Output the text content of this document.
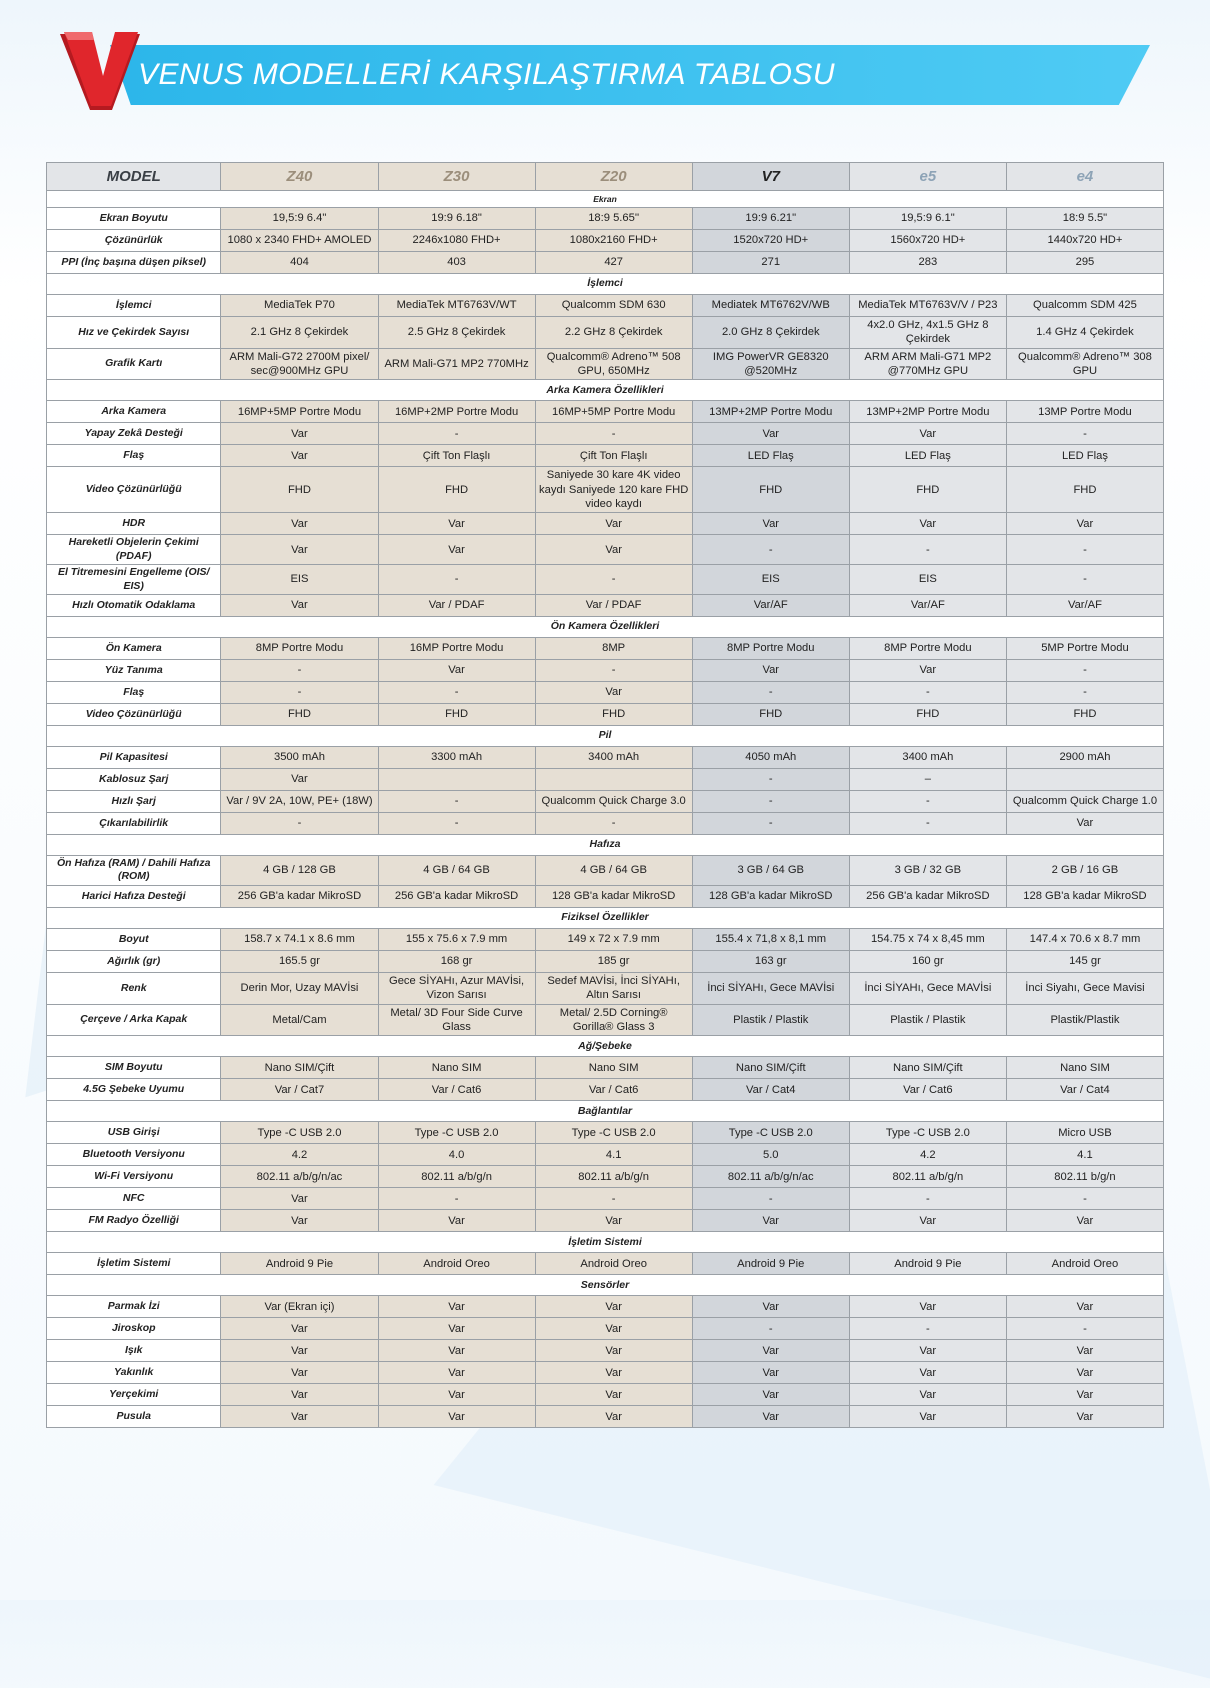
VENUS MODELLERİ KARŞILAŞTIRMA TABLOSU
MODEL	Z40	Z30	Z20	V7	e5	e4
Ekran						
Ekran Boyutu	19,5:9 6.4"	19:9 6.18"	18:9 5.65''	19:9 6.21"	19,5:9 6.1"	18:9 5.5"
Çözünürlük	1080 x 2340 FHD+ AMOLED	2246x1080 FHD+	1080x2160 FHD+	1520x720 HD+	1560x720 HD+	1440x720 HD+
PPI (İnç başına düşen piksel)	404	403	427	271	283	295
İşlemci						
İşlemci	MediaTek P70	MediaTek MT6763V/WT	Qualcomm SDM 630	Mediatek MT6762V/WB	MediaTek MT6763V/V / P23	Qualcomm SDM 425
Hız ve Çekirdek Sayısı	2.1 GHz 8 Çekirdek	2.5 GHz 8 Çekirdek	2.2 GHz 8 Çekirdek	2.0 GHz 8 Çekirdek	4x2.0 GHz, 4x1.5 GHz 8 Çekirdek	1.4 GHz 4 Çekirdek
Grafik Kartı	ARM Mali-G72 2700M pixel/ sec@900MHz GPU	ARM Mali-G71 MP2 770MHz	Qualcomm® Adreno™ 508 GPU, 650MHz	IMG PowerVR GE8320 @520MHz	ARM ARM Mali-G71 MP2 @770MHz GPU	Qualcomm® Adreno™ 308 GPU
Arka Kamera Özellikleri						
Arka Kamera	16MP+5MP Portre Modu	16MP+2MP Portre Modu	16MP+5MP Portre Modu	13MP+2MP Portre Modu	13MP+2MP Portre Modu	13MP Portre Modu
Yapay Zekâ Desteği	Var	-	-	Var	Var	-
Flaş	Var	Çift Ton Flaşlı	Çift Ton Flaşlı	LED Flaş	LED Flaş	LED Flaş
Video Çözünürlüğü	FHD	FHD	Saniyede 30 kare 4K video kaydı Saniyede 120 kare FHD video kaydı	FHD	FHD	FHD
HDR	Var	Var	Var	Var	Var	Var
Hareketli Objelerin Çekimi (PDAF)	Var	Var	Var	-	-	-
El Titremesini Engelleme (OIS/ EIS)	EIS	-	-	EIS	EIS	-
Hızlı Otomatik Odaklama	Var	Var / PDAF	Var / PDAF	Var/AF	Var/AF	Var/AF
Ön Kamera Özellikleri						
Ön Kamera	8MP Portre Modu	16MP Portre Modu	8MP	8MP Portre Modu	8MP Portre Modu	5MP Portre Modu
Yüz Tanıma	-	Var	-	Var	Var	-
Flaş	-	-	Var	-	-	-
Video Çözünürlüğü	FHD	FHD	FHD	FHD	FHD	FHD
Pil						
Pil Kapasitesi	3500 mAh	3300 mAh	3400 mAh	4050 mAh	3400 mAh	2900 mAh
Kablosuz Şarj	Var			-	–	
Hızlı Şarj	Var / 9V 2A, 10W, PE+ (18W)	-	Qualcomm Quick Charge 3.0	-	-	Qualcomm Quick Charge 1.0
Çıkarılabilirlik	-	-	-	-	-	Var
Hafıza						
Ön Hafıza (RAM) / Dahili Hafıza (ROM)	4 GB / 128 GB	4 GB / 64 GB	4 GB / 64 GB	3 GB / 64 GB	3 GB / 32 GB	2 GB / 16 GB
Harici Hafıza Desteği	256 GB'a kadar MikroSD	256 GB'a kadar MikroSD	128 GB'a kadar MikroSD	128 GB'a kadar MikroSD	256 GB'a kadar MikroSD	128 GB'a kadar MikroSD
Fiziksel Özellikler						
Boyut	158.7 x 74.1 x 8.6 mm	155 x 75.6 x 7.9 mm	149 x 72 x 7.9 mm	155.4 x 71,8 x 8,1 mm	154.75 x 74 x 8,45 mm	147.4 x 70.6 x 8.7 mm
Ağırlık (gr)	165.5 gr	168 gr	185 gr	163 gr	160 gr	145 gr
Renk	Derin Mor, Uzay MAVİsi	Gece SİYAHı, Azur MAVİsi, Vizon Sarısı	Sedef MAVİsi, İnci SİYAHı, Altın Sarısı	İnci SİYAHı, Gece MAVİsi	İnci SİYAHı, Gece MAVİsi	İnci Siyahı, Gece Mavisi
Çerçeve / Arka Kapak	Metal/Cam	Metal/ 3D Four Side Curve Glass	Metal/ 2.5D Corning® Gorilla® Glass 3	Plastik / Plastik	Plastik / Plastik	Plastik/Plastik
Ağ/Şebeke						
SIM Boyutu	Nano SIM/Çift	Nano SIM	Nano SIM	Nano SIM/Çift	Nano SIM/Çift	Nano SIM
4.5G Şebeke Uyumu	Var / Cat7	Var / Cat6	Var / Cat6	Var / Cat4	Var / Cat6	Var / Cat4
Bağlantılar						
USB Girişi	Type -C USB 2.0	Type -C USB 2.0	Type -C USB 2.0	Type -C USB 2.0	Type -C USB 2.0	Micro USB
Bluetooth Versiyonu	4.2	4.0	4.1	5.0	4.2	4.1
Wi-Fi Versiyonu	802.11 a/b/g/n/ac	802.11 a/b/g/n	802.11 a/b/g/n	802.11 a/b/g/n/ac	802.11 a/b/g/n	802.11 b/g/n
NFC	Var	-	-	-	-	-
FM Radyo Özelliği	Var	Var	Var	Var	Var	Var
İşletim Sistemi						
İşletim Sistemi	Android 9 Pie	Android Oreo	Android Oreo	Android 9 Pie	Android 9 Pie	Android Oreo
Sensörler						
Parmak İzi	Var (Ekran içi)	Var	Var	Var	Var	Var
Jiroskop	Var	Var	Var	-	-	-
Işık	Var	Var	Var	Var	Var	Var
Yakınlık	Var	Var	Var	Var	Var	Var
Yerçekimi	Var	Var	Var	Var	Var	Var
Pusula	Var	Var	Var	Var	Var	Var
